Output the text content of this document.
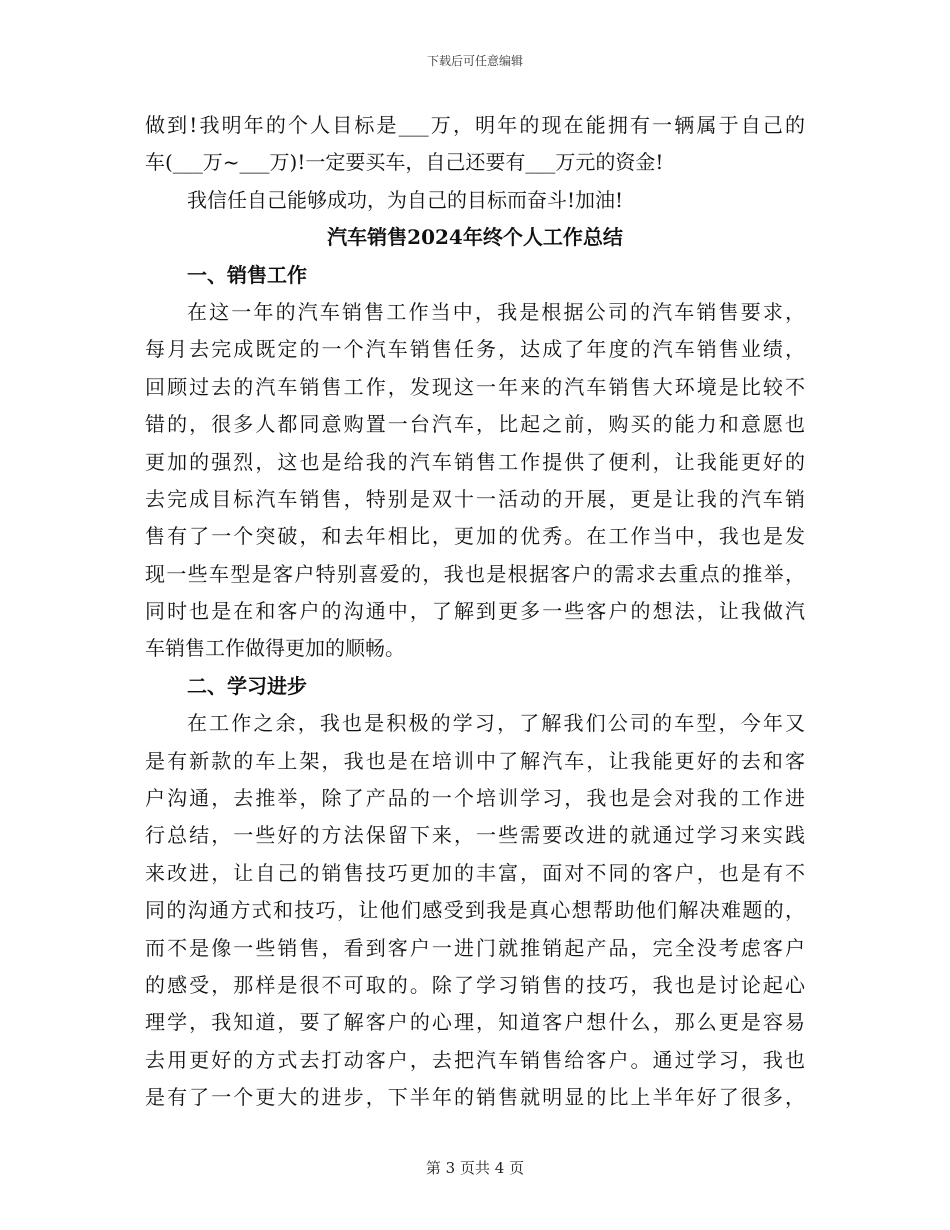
下载后可任意编辑
做到!我明年的个人目标是___万，明年的现在能拥有一辆属于自己的
车(___万~___万)!一定要买车，自己还要有___万元的资金!
我信任自己能够成功，为自己的目标而奋斗!加油!
汽车销售2024年终个人工作总结
一、销售工作
在这一年的汽车销售工作当中，我是根据公司的汽车销售要求，
每月去完成既定的一个汽车销售任务，达成了年度的汽车销售业绩，
回顾过去的汽车销售工作，发现这一年来的汽车销售大环境是比较不
错的，很多人都同意购置一台汽车，比起之前，购买的能力和意愿也
更加的强烈，这也是给我的汽车销售工作提供了便利，让我能更好的
去完成目标汽车销售，特别是双十一活动的开展，更是让我的汽车销
售有了一个突破，和去年相比，更加的优秀。在工作当中，我也是发
现一些车型是客户特别喜爱的，我也是根据客户的需求去重点的推举，
同时也是在和客户的沟通中，了解到更多一些客户的想法，让我做汽
车销售工作做得更加的顺畅。
二、学习进步
在工作之余，我也是积极的学习，了解我们公司的车型，今年又
是有新款的车上架，我也是在培训中了解汽车，让我能更好的去和客
户沟通，去推举，除了产品的一个培训学习，我也是会对我的工作进
行总结，一些好的方法保留下来，一些需要改进的就通过学习来实践
来改进，让自己的销售技巧更加的丰富，面对不同的客户，也是有不
同的沟通方式和技巧，让他们感受到我是真心想帮助他们解决难题的，
而不是像一些销售，看到客户一进门就推销起产品，完全没考虑客户
的感受，那样是很不可取的。除了学习销售的技巧，我也是讨论起心
理学，我知道，要了解客户的心理，知道客户想什么，那么更是容易
去用更好的方式去打动客户，去把汽车销售给客户。通过学习，我也
是有了一个更大的进步，下半年的销售就明显的比上半年好了很多，
第 3 页共 4 页
